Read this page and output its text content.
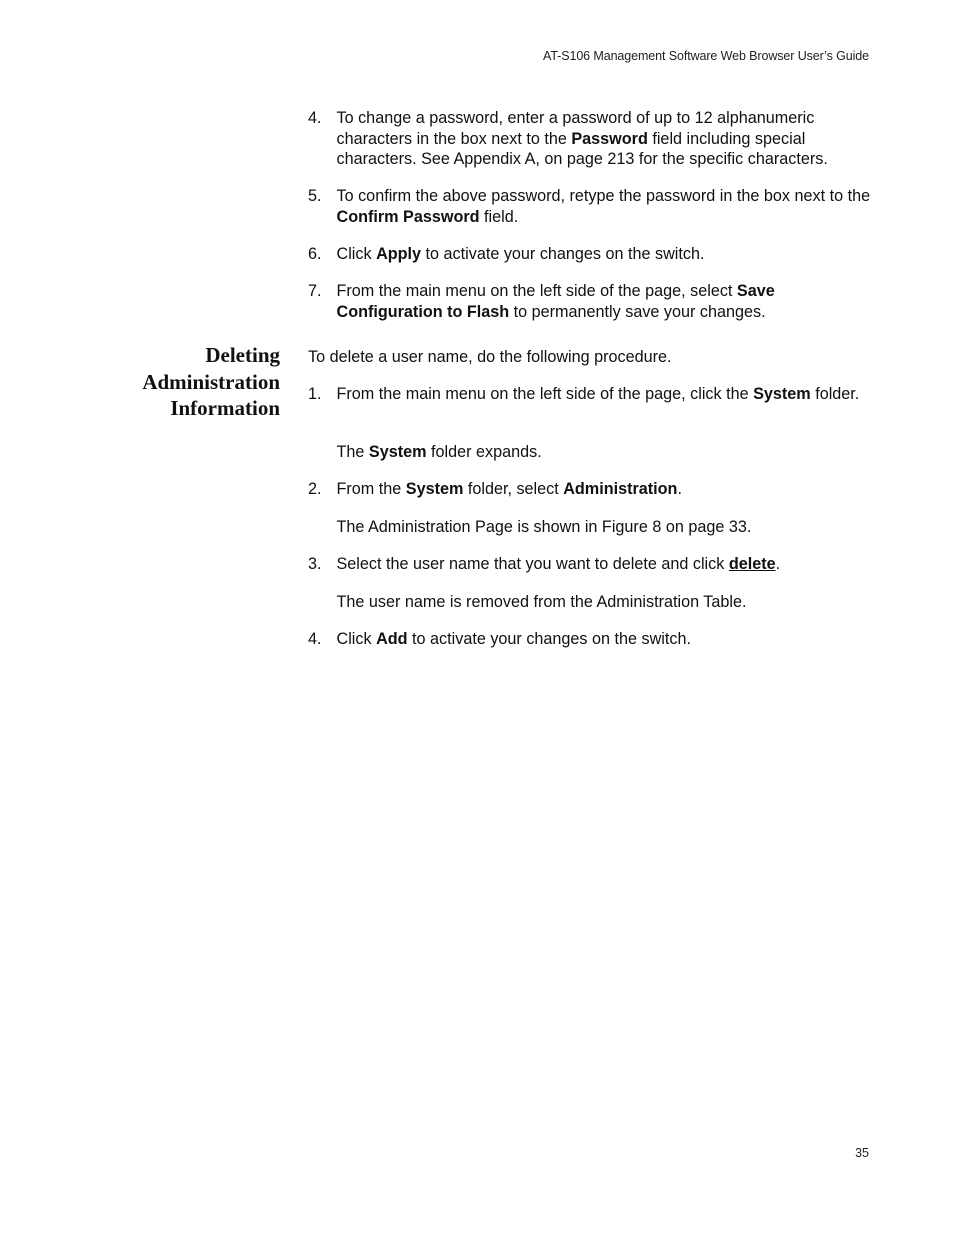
AT-S106 Management Software Web Browser User’s Guide
4. To change a password, enter a password of up to 12 alphanumeric characters in the box next to the Password field including special characters. See Appendix A, on page 213 for the specific characters.
5. To confirm the above password, retype the password in the box next to the Confirm Password field.
6. Click Apply to activate your changes on the switch.
7. From the main menu on the left side of the page, select Save Configuration to Flash to permanently save your changes.
Deleting
Administration
Information
To delete a user name, do the following procedure.
1. From the main menu on the left side of the page, click the System folder.
The System folder expands.
2. From the System folder, select Administration.
The Administration Page is shown in Figure 8 on page 33.
3. Select the user name that you want to delete and click delete.
The user name is removed from the Administration Table.
4. Click Add to activate your changes on the switch.
35
